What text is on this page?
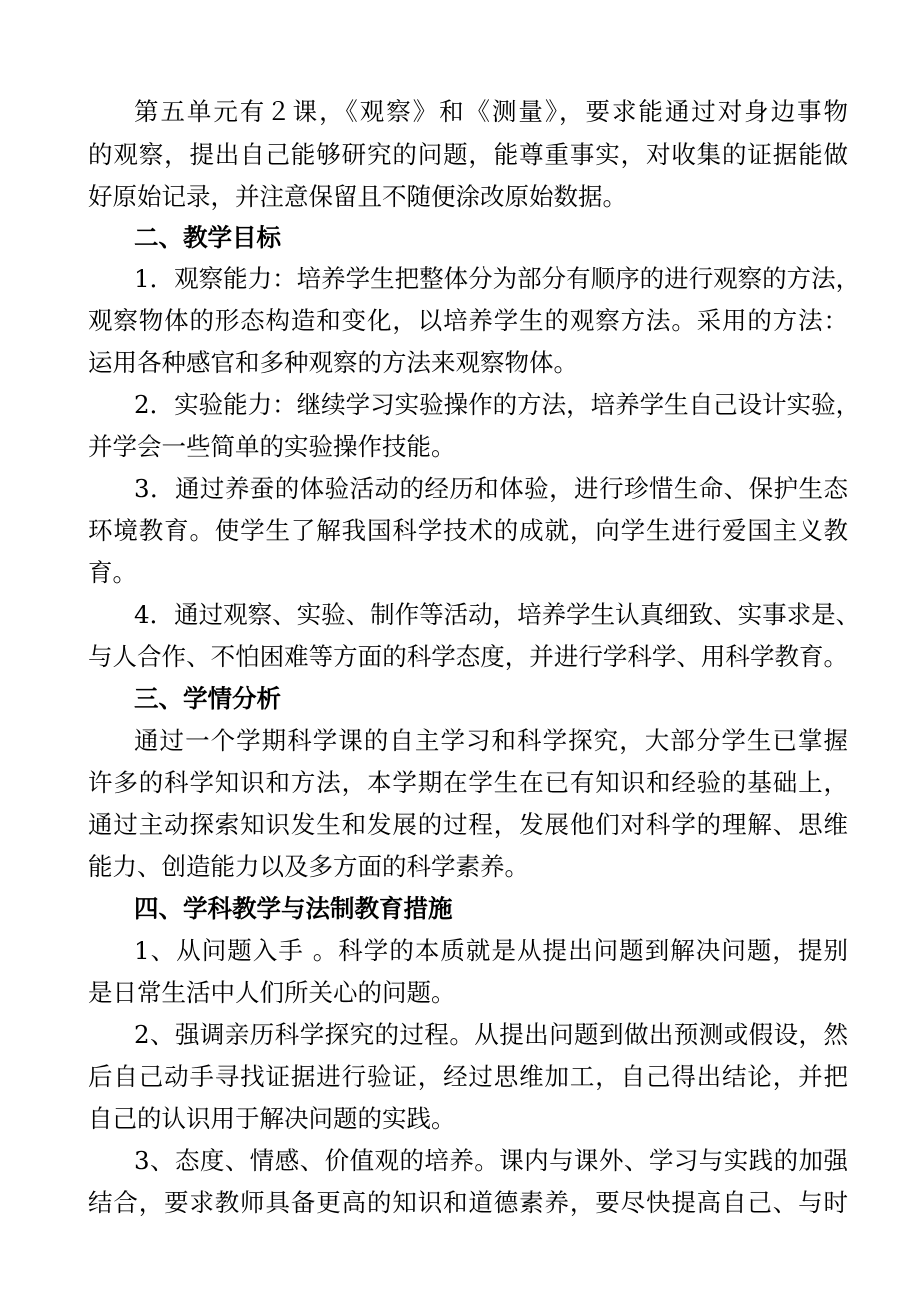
第五单元有２课，《观察》和《测量》，要求能通过对身边事物
的观察，提出自己能够研究的问题，能尊重事实，对收集的证据能做
好原始记录，并注意保留且不随便涂改原始数据。
二、教学目标
1．观察能力：培养学生把整体分为部分有顺序的进行观察的方法，
观察物体的形态构造和变化，以培养学生的观察方法。采用的方法：
运用各种感官和多种观察的方法来观察物体。
2．实验能力：继续学习实验操作的方法，培养学生自己设计实验，
并学会一些简单的实验操作技能。
3．通过养蚕的体验活动的经历和体验，进行珍惜生命、保护生态
环境教育。使学生了解我国科学技术的成就，向学生进行爱国主义教
育。
4．通过观察、实验、制作等活动，培养学生认真细致、实事求是、
与人合作、不怕困难等方面的科学态度，并进行学科学、用科学教育。
三、学情分析
通过一个学期科学课的自主学习和科学探究，大部分学生已掌握
许多的科学知识和方法，本学期在学生在已有知识和经验的基础上，
通过主动探索知识发生和发展的过程，发展他们对科学的理解、思维
能力、创造能力以及多方面的科学素养。
四、学科教学与法制教育措施
1、从问题入手 。科学的本质就是从提出问题到解决问题，提别
是日常生活中人们所关心的问题。
2、强调亲历科学探究的过程。从提出问题到做出预测或假设，然
后自己动手寻找证据进行验证，经过思维加工，自己得出结论，并把
自己的认识用于解决问题的实践。
3、态度、情感、价值观的培养。课内与课外、学习与实践的加强
结合，要求教师具备更高的知识和道德素养，要尽快提高自己、与时
